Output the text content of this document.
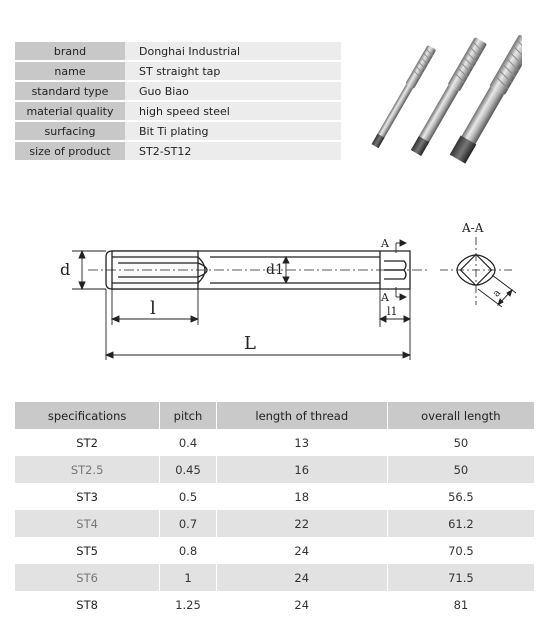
brand	Donghai Industrial
name	ST straight tap
standard type	Guo Biao
material quality	high speed steel
surfacing	Bit Ti plating
size of product	ST2-ST12
d	d1
l
L
A
A
l1
A-A
a
specifications	pitch	length of thread	overall length
ST2	0.4	13	50
ST2.5	0.45	16	50
ST3	0.5	18	56.5
ST4	0.7	22	61.2
ST5	0.8	24	70.5
ST6	1	24	71.5
ST8	1.25	24	81
